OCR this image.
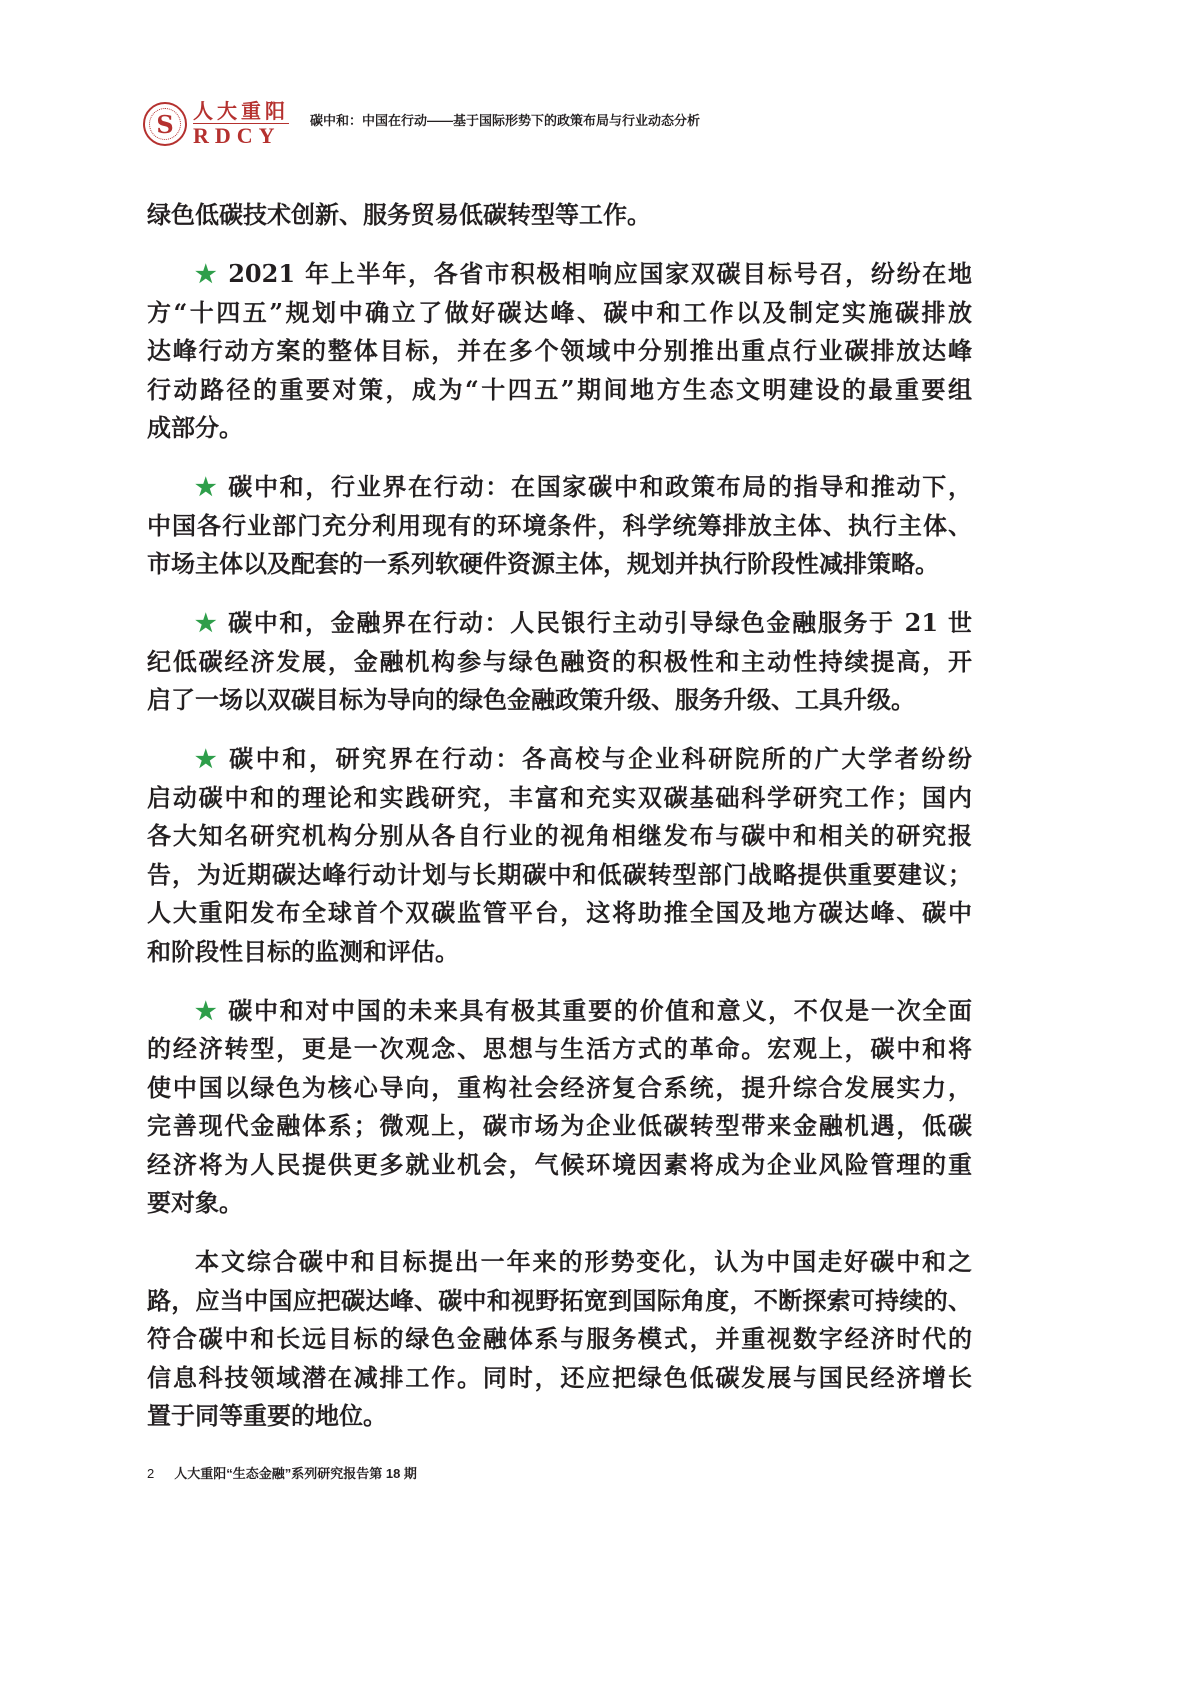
S 人大重阳
RDCY
碳中和：中国在行动——基于国际形势下的政策布局与行业动态分析
绿色低碳技术创新、服务贸易低碳转型等工作。
★ 2021 年上半年，各省市积极相响应国家双碳目标号召，纷纷在地
方“十四五”规划中确立了做好碳达峰、碳中和工作以及制定实施碳排放
达峰行动方案的整体目标，并在多个领域中分别推出重点行业碳排放达峰
行动路径的重要对策，成为“十四五”期间地方生态文明建设的最重要组
成部分。
★ 碳中和，行业界在行动：在国家碳中和政策布局的指导和推动下，
中国各行业部门充分利用现有的环境条件，科学统筹排放主体、执行主体、
市场主体以及配套的一系列软硬件资源主体，规划并执行阶段性减排策略。
★ 碳中和，金融界在行动：人民银行主动引导绿色金融服务于 21 世
纪低碳经济发展，金融机构参与绿色融资的积极性和主动性持续提高，开
启了一场以双碳目标为导向的绿色金融政策升级、服务升级、工具升级。
★ 碳中和，研究界在行动：各高校与企业科研院所的广大学者纷纷
启动碳中和的理论和实践研究，丰富和充实双碳基础科学研究工作；国内
各大知名研究机构分别从各自行业的视角相继发布与碳中和相关的研究报
告，为近期碳达峰行动计划与长期碳中和低碳转型部门战略提供重要建议；
人大重阳发布全球首个双碳监管平台，这将助推全国及地方碳达峰、碳中
和阶段性目标的监测和评估。
★ 碳中和对中国的未来具有极其重要的价值和意义，不仅是一次全面
的经济转型，更是一次观念、思想与生活方式的革命。宏观上，碳中和将
使中国以绿色为核心导向，重构社会经济复合系统，提升综合发展实力，
完善现代金融体系；微观上，碳市场为企业低碳转型带来金融机遇，低碳
经济将为人民提供更多就业机会，气候环境因素将成为企业风险管理的重
要对象。
本文综合碳中和目标提出一年来的形势变化，认为中国走好碳中和之
路，应当中国应把碳达峰、碳中和视野拓宽到国际角度，不断探索可持续的、
符合碳中和长远目标的绿色金融体系与服务模式，并重视数字经济时代的
信息科技领域潜在减排工作。同时，还应把绿色低碳发展与国民经济增长
置于同等重要的地位。
2 人大重阳“生态金融”系列研究报告第 18 期
